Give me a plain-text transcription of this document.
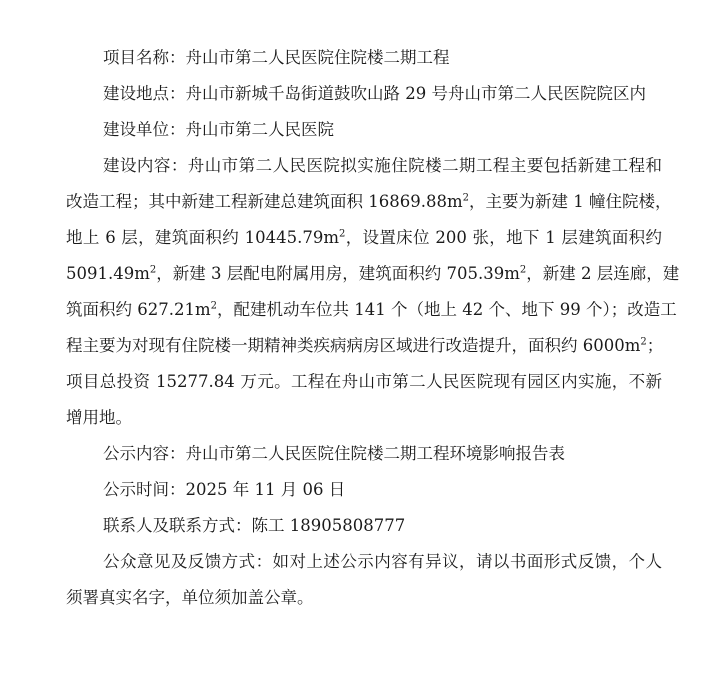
项目名称：舟山市第二人民医院住院楼二期工程

建设地点：舟山市新城千岛街道鼓吹山路 29 号舟山市第二人民医院院区内

建设单位：舟山市第二人民医院

建设内容：舟山市第二人民医院拟实施住院楼二期工程主要包括新建工程和

改造工程；其中新建工程新建总建筑面积 $16869.88m^2$，主要为新建 1 幢住院楼，

地上 6 层，建筑面积约 $10445.79m^2$，设置床位 200 张，地下 1 层建筑面积约

$5091.49m^2$，新建 3 层配电附属用房，建筑面积约 $705.39m^2$，新建 2 层连廊，建

筑面积约 $627.21m^2$，配建机动车位共 141 个（地上 42 个、地下 99 个）；改造工

程主要为对现有住院楼一期精神类疾病病房区域进行改造提升，面积约 $6000m^2$；

项目总投资 15277.84 万元。工程在舟山市第二人民医院现有园区内实施，不新

增用地。

公示内容：舟山市第二人民医院住院楼二期工程环境影响报告表

公示时间：2025 年 11 月 06 日

联系人及联系方式：陈工 18905808777

公众意见及反馈方式：如对上述公示内容有异议，请以书面形式反馈，个人

须署真实名字，单位须加盖公章。
